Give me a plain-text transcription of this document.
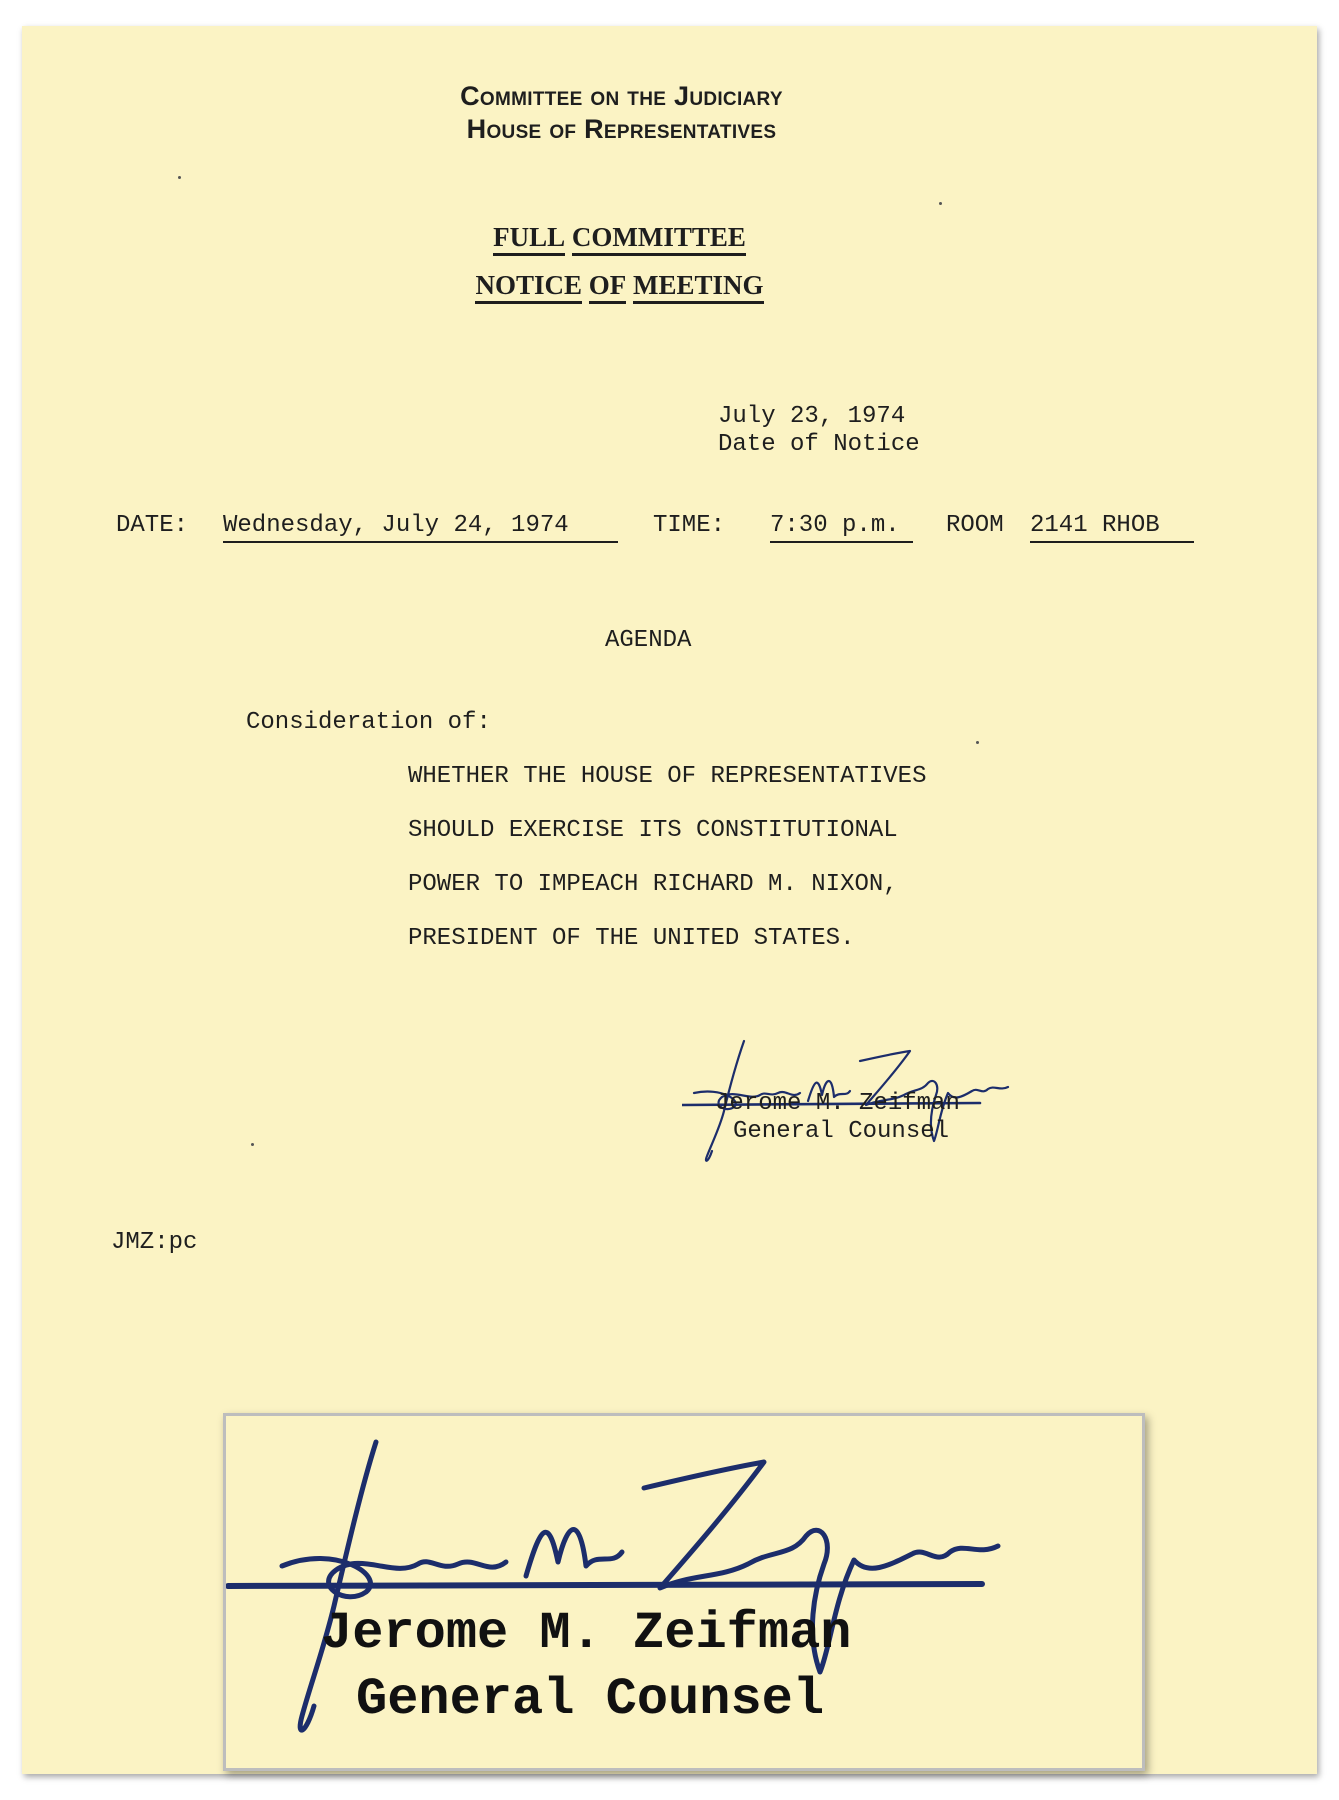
Committee on the Judiciary
House of Representatives
FULL COMMITTEE
NOTICE OF MEETING
July 23, 1974
Date of Notice
DATE: Wednesday, July 24, 1974	TIME: 7:30 p.m.	ROOM 2141 RHOB
AGENDA
Consideration of:
WHETHER THE HOUSE OF REPRESENTATIVES
SHOULD EXERCISE ITS CONSTITUTIONAL
POWER TO IMPEACH RICHARD M. NIXON,
PRESIDENT OF THE UNITED STATES.
Jerome M. Zeifman
General Counsel
JMZ:pc
Jerome M. Zeifman
General Counsel
